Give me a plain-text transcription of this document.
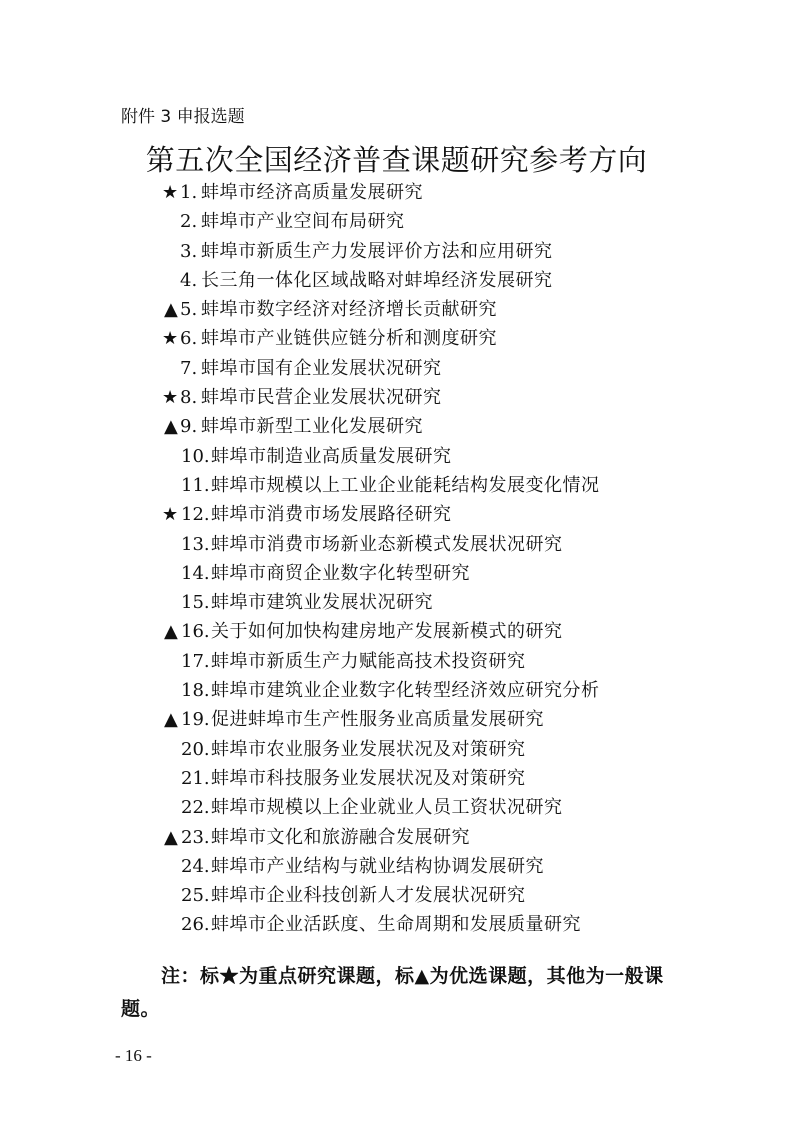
附件 3 申报选题
第五次全国经济普查课题研究参考方向
★ 1. 蚌埠市经济高质量发展研究
2. 蚌埠市产业空间布局研究
3. 蚌埠市新质生产力发展评价方法和应用研究
4. 长三角一体化区域战略对蚌埠经济发展研究
▲ 5. 蚌埠市数字经济对经济增长贡献研究
★ 6. 蚌埠市产业链供应链分析和测度研究
7. 蚌埠市国有企业发展状况研究
★ 8. 蚌埠市民营企业发展状况研究
▲ 9. 蚌埠市新型工业化发展研究
10. 蚌埠市制造业高质量发展研究
11. 蚌埠市规模以上工业企业能耗结构发展变化情况
★ 12. 蚌埠市消费市场发展路径研究
13. 蚌埠市消费市场新业态新模式发展状况研究
14. 蚌埠市商贸企业数字化转型研究
15. 蚌埠市建筑业发展状况研究
▲ 16. 关于如何加快构建房地产发展新模式的研究
17. 蚌埠市新质生产力赋能高技术投资研究
18. 蚌埠市建筑业企业数字化转型经济效应研究分析
▲ 19. 促进蚌埠市生产性服务业高质量发展研究
20. 蚌埠市农业服务业发展状况及对策研究
21. 蚌埠市科技服务业发展状况及对策研究
22. 蚌埠市规模以上企业就业人员工资状况研究
▲ 23. 蚌埠市文化和旅游融合发展研究
24. 蚌埠市产业结构与就业结构协调发展研究
25. 蚌埠市企业科技创新人才发展状况研究
26. 蚌埠市企业活跃度、生命周期和发展质量研究
注：标★为重点研究课题，标▲为优选课题，其他为一般课题。
- 16 -
